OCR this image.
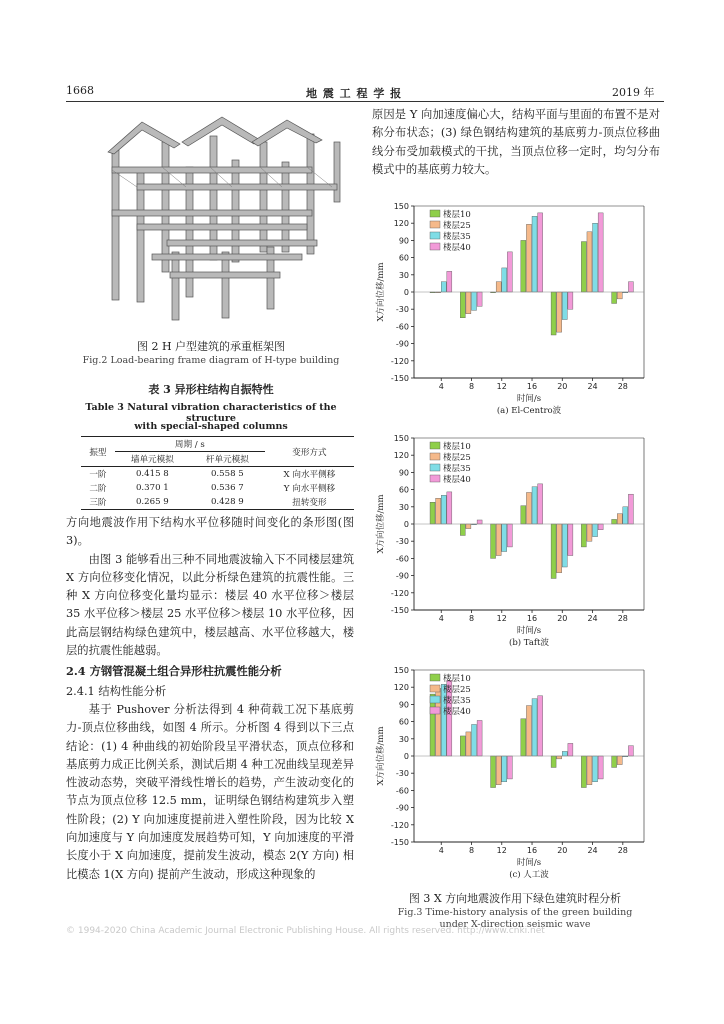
1668	地 震 工 程 学 报	2019 年
图 2 H 户型建筑的承重框架图
Fig.2 Load-bearing frame diagram of H-type building
表 3 异形柱结构自振特性
Table 3 Natural vibration characteristics of the structure
with special-shaped columns
振型	周期 / s		变形方式
	墙单元模拟	杆单元模拟	
一阶	0.415 8	0.558 5	X 向水平侧移
二阶	0.370 1	0.536 7	Y 向水平侧移
三阶	0.265 9	0.428 9	扭转变形

方向地震波作用下结构水平位移随时间变化的条形图(图 3)。

由图 3 能够看出三种不同地震波输入下不同楼层建筑 X 方向位移变化情况，以此分析绿色建筑的抗震性能。三种 X 方向位移变化量均显示：楼层 40 水平位移＞楼层 35 水平位移＞楼层 25 水平位移＞楼层 10 水平位移，因此高层钢结构绿色建筑中，楼层越高、水平位移越大，楼层的抗震性能越弱。

2.4 方钢管混凝土组合异形柱抗震性能分析

2.4.1 结构性能分析

基于 Pushover 分析法得到 4 种荷载工况下基底剪力-顶点位移曲线，如图 4 所示。分析图 4 得到以下三点结论：(1) 4 种曲线的初始阶段呈平滑状态，顶点位移和基底剪力成正比例关系，测试后期 4 种工况曲线呈现差异性波动态势，突破平滑线性增长的趋势，产生波动变化的节点为顶点位移 12.5 mm，证明绿色钢结构建筑步入塑性阶段；(2) Y 向加速度提前进入塑性阶段，因为比较 X 向加速度与 Y 向加速度发展趋势可知，Y 向加速度的平滑长度小于 X 向加速度，提前发生波动，模态 2(Y 方向) 相比模态 1(X 方向) 提前产生波动，形成这种现象的

原因是 Y 向加速度偏心大，结构平面与里面的布置不是对称分布状态；(3) 绿色钢结构建筑的基底剪力-顶点位移曲线分布受加载模式的干扰，当顶点位移一定时，均匀分布模式中的基底剪力较大。

-150
-120
-90
-60
-30
0
30
60
90
120
150
4	8	12	16	20	24	28
X方向位移/mm
时间/s
(a) El-Centro波
楼层10
楼层25
楼层35
楼层40
-150
-120
-90
-60
-30
0
30
60
90
120
150
4	8	12	16	20	24	28
X方向位移/mm
时间/s
(b) Taft波
楼层10
楼层25
楼层35
楼层40
-150
-120
-90
-60
-30
0
30
60
90
120
150
4	8	12	16	20	24	28
X方向位移/mm
时间/s
(c) 人工波
楼层10
楼层25
楼层35
楼层40
图 3 X 方向地震波作用下绿色建筑时程分析
Fig.3 Time-history analysis of the green building
under X-direction seismic wave
© 1994-2020 China Academic Journal Electronic Publishing House. All rights reserved. http://www.cnki.net
